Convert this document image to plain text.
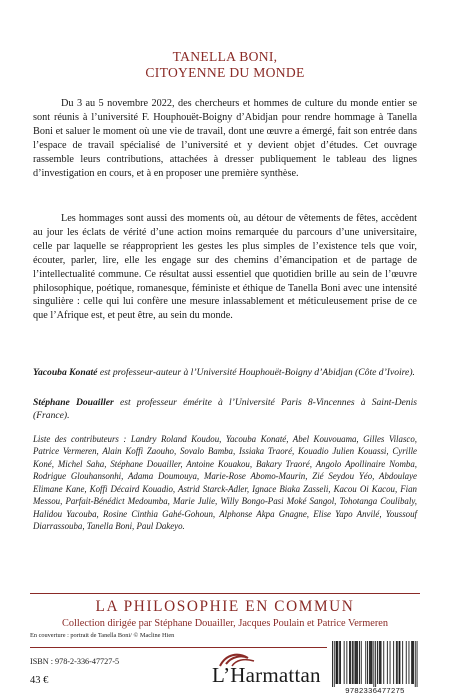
TANELLA BONI,
CITOYENNE DU MONDE

Du 3 au 5 novembre 2022, des chercheurs et hommes de culture du monde entier se sont réunis à l’université F. Houphouët-Boigny d’Abidjan pour rendre hommage à Tanella Boni et saluer le moment où une vie de travail, dont une œuvre a émergé, fait son entrée dans l’espace de travail spécialisé de l’université et y devient objet d’études. Cet ouvrage rassemble leurs contributions, attachées à dresser publiquement le tableau des lignes d’investigation en cours, et à en proposer une première synthèse.

Les hommages sont aussi des moments où, au détour de vêtements de fêtes, accèdent au jour les éclats de vérité d’une action moins remarquée du parcours d’une universitaire, celle par laquelle se réapproprient les gestes les plus simples de l’existence tels que voir, écouter, parler, lire, elle les engage sur des chemins d’émancipation et de partage de l’intellectualité commune. Ce résultat aussi essentiel que quotidien brille au sein de l’œuvre philosophique, poétique, romanesque, féministe et éthique de Tanella Boni avec une intensité singulière : celle qui lui confère une mesure inlassablement et méticuleusement prise de ce que l’Afrique est, et peut être, au sein du monde.

Yacouba Konaté est professeur-auteur à l’Université Houphouët-Boigny d’Abidjan (Côte d’Ivoire).

Stéphane Douailler est professeur émérite à l’Université Paris 8-Vincennes à Saint-Denis (France).

Liste des contributeurs : Landry Roland Koudou, Yacouba Konaté, Abel Kouvouama, Gilles Vilasco, Patrice Vermeren, Alain Koffi Zaouho, Sovalo Bamba, Issiaka Traoré, Kouadio Julien Kouassi, Cyrille Koné, Michel Saha, Stéphane Douailler, Antoine Kouakou, Bakary Traoré, Angolo Apollinaire Nomba, Rodrigue Glouhansonhi, Adama Doumouya, Marie-Rose Abomo-Maurin, Zié Seydou Yéo, Abdoulaye Elimane Kane, Koffi Décaird Kouadio, Astrid Starck-Adler, Ignace Biaka Zasseli, Kacou Oi Kacou, Fian Messou, Parfait-Bénédict Medoumba, Marie Julie, Willy Bongo-Pasi Moké Sangol, Tohotanga Coulibaly, Halidou Yacouba, Rosine Cinthia Gahé-Gohoun, Alphonse Akpa Gnagne, Elise Yapo Anvilé, Youssouf Diarrassouba, Tanella Boni, Paul Dakeyo.

LA PHILOSOPHIE EN COMMUN
Collection dirigée par Stéphane Douailler, Jacques Poulain et Patrice Vermeren
En couverture : portrait de Tanella Boni/ © Macline Hien
ISBN : 978-2-336-47727-5
43 €	L’Harmattan
9782336477275
